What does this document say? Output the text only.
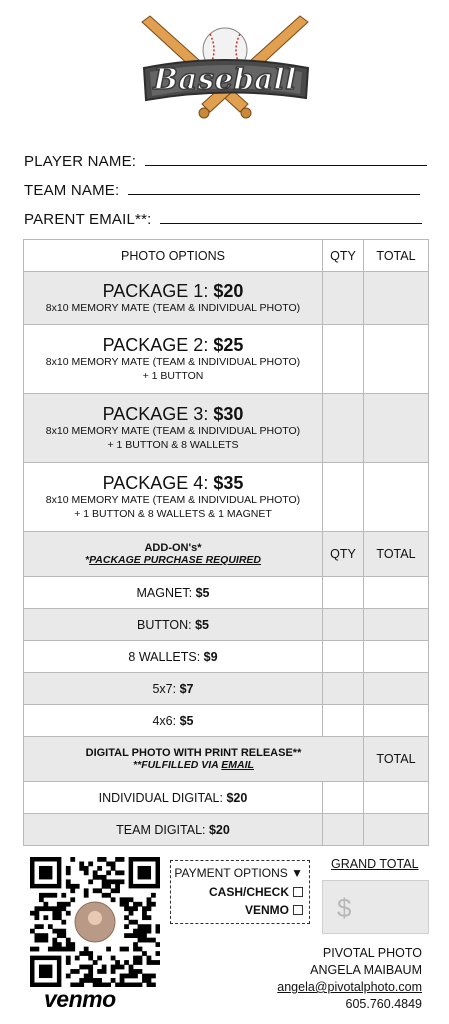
Baseball
PLAYER NAME:
TEAM NAME:
PARENT EMAIL**:
PHOTO OPTIONS	QTY	TOTAL

PACKAGE 1: $20
8x10 MEMORY MATE (TEAM & INDIVIDUAL PHOTO)		

PACKAGE 2: $25
8x10 MEMORY MATE (TEAM & INDIVIDUAL PHOTO)
+ 1 BUTTON		

PACKAGE 3: $30
8x10 MEMORY MATE (TEAM & INDIVIDUAL PHOTO)
+ 1 BUTTON & 8 WALLETS		

PACKAGE 4: $35
8x10 MEMORY MATE (TEAM & INDIVIDUAL PHOTO)
+ 1 BUTTON & 8 WALLETS & 1 MAGNET		

ADD-ON's*
*PACKAGE PURCHASE REQUIRED	QTY	TOTAL
MAGNET: $5		
BUTTON: $5		
8 WALLETS: $9		
5x7: $7		
4x6: $5		

DIGITAL PHOTO WITH PRINT RELEASE**
**FULFILLED VIA EMAIL		TOTAL
INDIVIDUAL DIGITAL: $20		
TEAM DIGITAL: $20		
venmo
PAYMENT OPTIONS ▼
CASH/CHECK
VENMO
GRAND TOTAL
$
PIVOTAL PHOTO
ANGELA MAIBAUM
angela@pivotalphoto.com
605.760.4849
